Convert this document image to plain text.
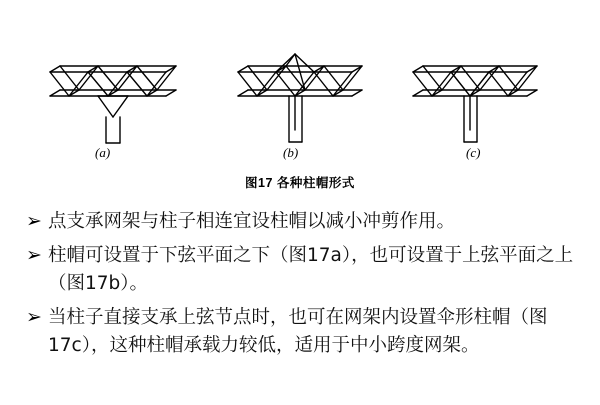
(a)	(b)	(c)
图17 各种柱帽形式
➢ 点支承网架与柱子相连宜设柱帽以减小冲剪作用。
➢ 柱帽可设置于下弦平面之下（图17a），也可设置于上弦平面之上（图17b）。
➢ 当柱子直接支承上弦节点时，也可在网架内设置伞形柱帽（图17c），这种柱帽承载力较低，适用于中小跨度网架。
